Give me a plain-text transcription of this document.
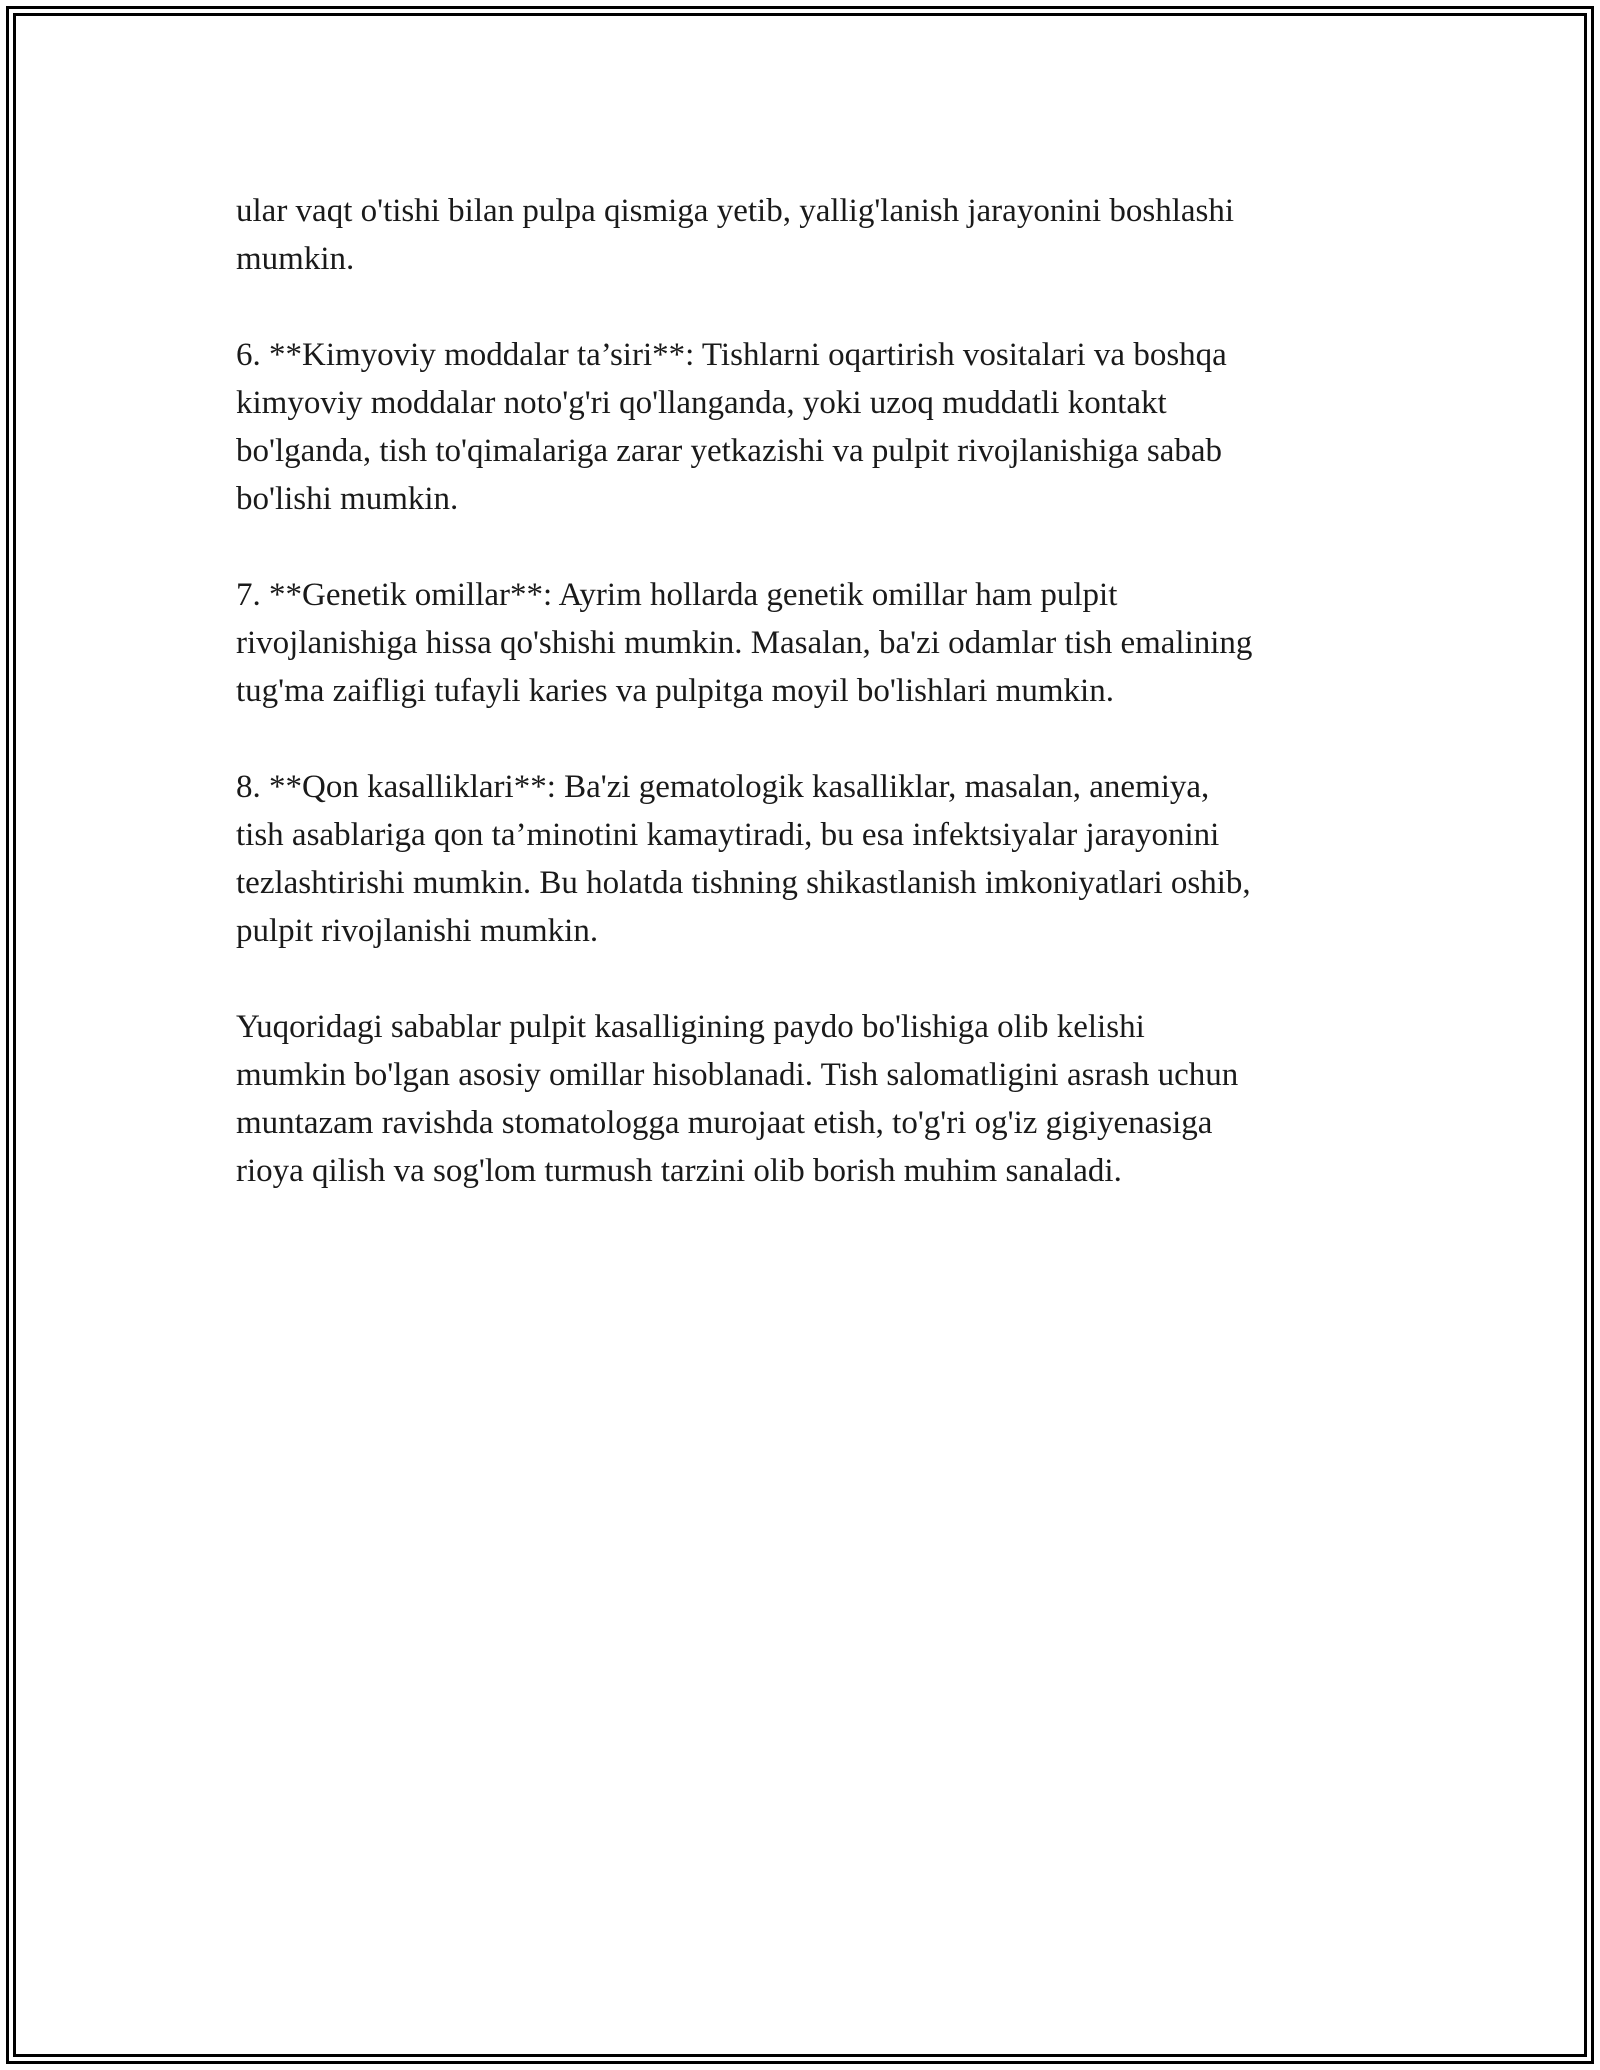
ular vaqt o'tishi bilan pulpa qismiga yetib, yallig'lanish jarayonini boshlashi
mumkin.

6. **Kimyoviy moddalar ta’siri**: Tishlarni oqartirish vositalari va boshqa
kimyoviy moddalar noto'g'ri qo'llanganda, yoki uzoq muddatli kontakt
bo'lganda, tish to'qimalariga zarar yetkazishi va pulpit rivojlanishiga sabab
bo'lishi mumkin.

7. **Genetik omillar**: Ayrim hollarda genetik omillar ham pulpit
rivojlanishiga hissa qo'shishi mumkin. Masalan, ba'zi odamlar tish emalining
tug'ma zaifligi tufayli karies va pulpitga moyil bo'lishlari mumkin.

8. **Qon kasalliklari**: Ba'zi gematologik kasalliklar, masalan, anemiya,
tish asablariga qon ta’minotini kamaytiradi, bu esa infektsiyalar jarayonini
tezlashtirishi mumkin. Bu holatda tishning shikastlanish imkoniyatlari oshib,
pulpit rivojlanishi mumkin.

Yuqoridagi sabablar pulpit kasalligining paydo bo'lishiga olib kelishi
mumkin bo'lgan asosiy omillar hisoblanadi. Tish salomatligini asrash uchun
muntazam ravishda stomatologga murojaat etish, to'g'ri og'iz gigiyenasiga
rioya qilish va sog'lom turmush tarzini olib borish muhim sanaladi.
